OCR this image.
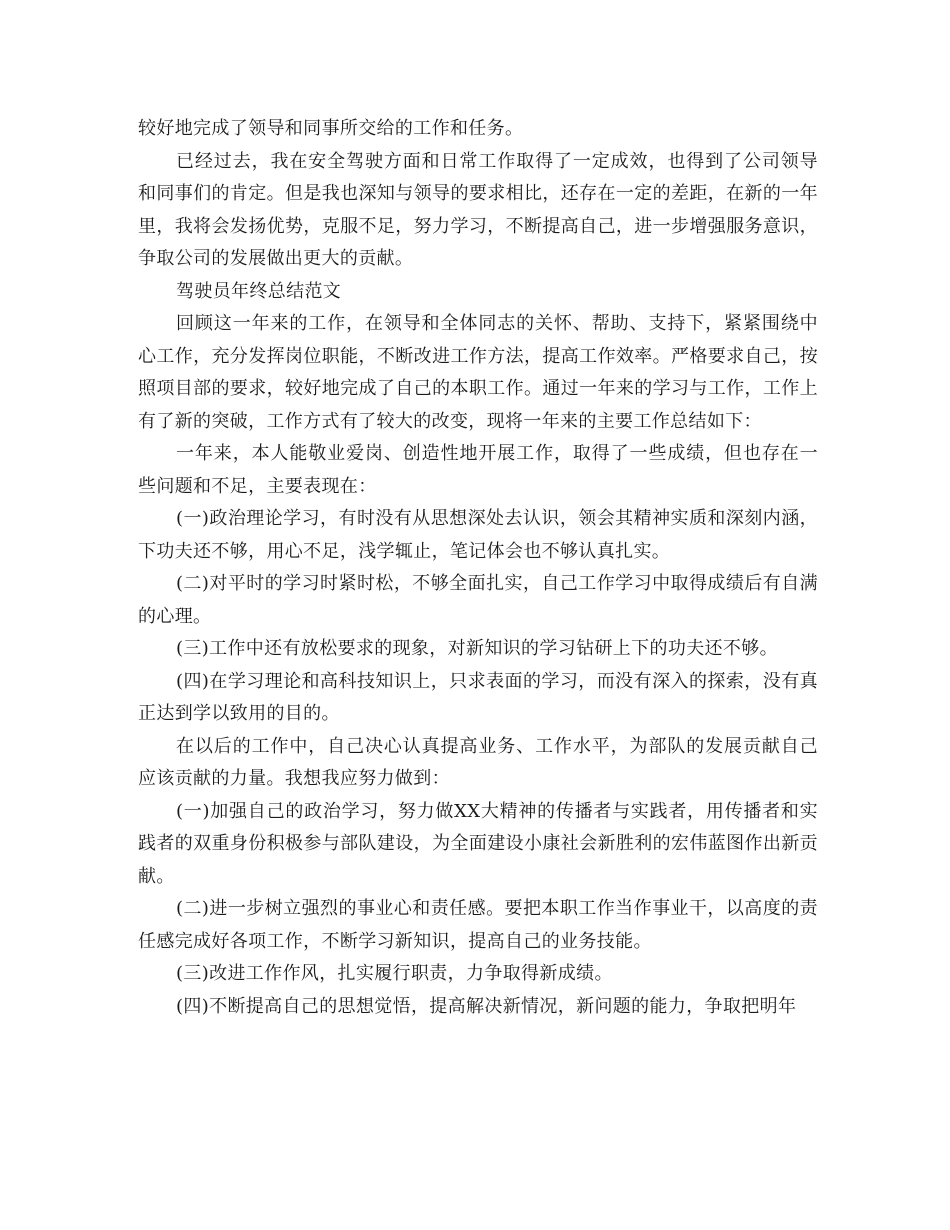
较好地完成了领导和同事所交给的工作和任务。

已经过去，我在安全驾驶方面和日常工作取得了一定成效，也得到了公司领导和同事们的肯定。但是我也深知与领导的要求相比，还存在一定的差距，在新的一年里，我将会发扬优势，克服不足，努力学习，不断提高自己，进一步增强服务意识，争取公司的发展做出更大的贡献。

驾驶员年终总结范文

回顾这一年来的工作，在领导和全体同志的关怀、帮助、支持下，紧紧围绕中心工作，充分发挥岗位职能，不断改进工作方法，提高工作效率。严格要求自己，按照项目部的要求，较好地完成了自己的本职工作。通过一年来的学习与工作，工作上有了新的突破，工作方式有了较大的改变，现将一年来的主要工作总结如下：

一年来，本人能敬业爱岗、创造性地开展工作，取得了一些成绩，但也存在一些问题和不足，主要表现在：

(一)政治理论学习，有时没有从思想深处去认识，领会其精神实质和深刻内涵，下功夫还不够，用心不足，浅学辄止，笔记体会也不够认真扎实。

(二)对平时的学习时紧时松，不够全面扎实，自己工作学习中取得成绩后有自满的心理。

(三)工作中还有放松要求的现象，对新知识的学习钻研上下的功夫还不够。

(四)在学习理论和高科技知识上，只求表面的学习，而没有深入的探索，没有真正达到学以致用的目的。

在以后的工作中，自己决心认真提高业务、工作水平，为部队的发展贡献自己应该贡献的力量。我想我应努力做到：

(一)加强自己的政治学习，努力做XX大精神的传播者与实践者，用传播者和实践者的双重身份积极参与部队建设，为全面建设小康社会新胜利的宏伟蓝图作出新贡献。

(二)进一步树立强烈的事业心和责任感。要把本职工作当作事业干，以高度的责任感完成好各项工作，不断学习新知识，提高自己的业务技能。

(三)改进工作作风，扎实履行职责，力争取得新成绩。

(四)不断提高自己的思想觉悟，提高解决新情况，新问题的能力，争取把明年
